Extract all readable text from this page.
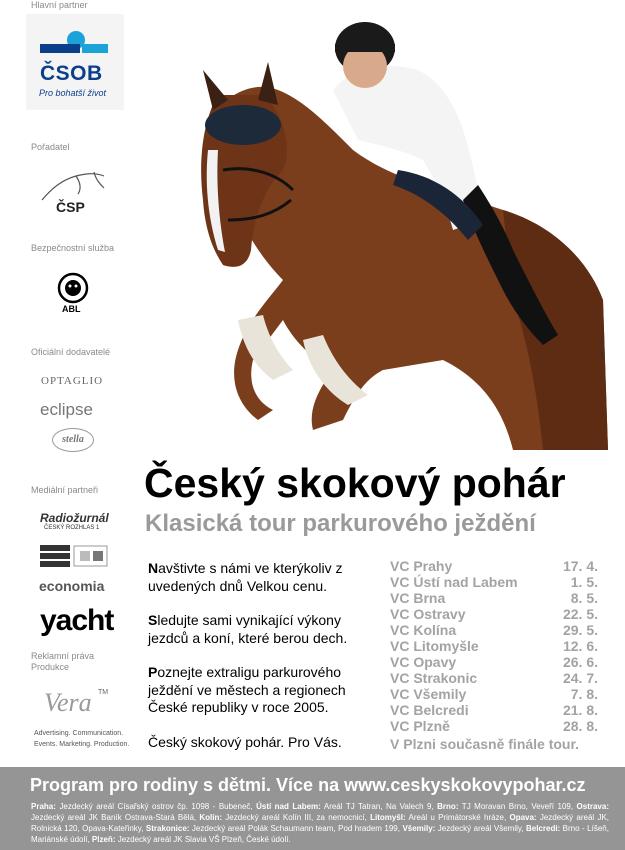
Hlavní partner
ČSOB
Pro bohatší život
Pořadatel
ČSP
Bezpečnostní služba
ABL
Oficiální dodavatelé
OPTAGLIO
eclipse
stella
Mediální partneři
Radiožurnál
ČESKÝ ROZHLAS 1
economia
yacht
Reklamní práva
Produkce
Vera TM
Advertising. Communication.
Events. Marketing. Production.
© Foto: Mindek
Český skokový pohár
Klasická tour parkurového ježdění
Navštivte s námi ve kterýkoliv z uvedených dnů Velkou cenu.
Sledujte sami vynikající výkony jezdců a koní, které berou dech.
Poznejte extraligu parkurového ježdění ve městech a regionech České republiky v roce 2005.
Český skokový pohár. Pro Vás.
VC Prahy	17. 4.
VC Ústí nad Labem	1. 5.
VC Brna	8. 5.
VC Ostravy	22. 5.
VC Kolína	29. 5.
VC Litomyšle	12. 6.
VC Opavy	26. 6.
VC Strakonic	24. 7.
VC Všemily	7. 8.
VC Belcredi	21. 8.
VC Plzně	28. 8.
V Plzni současně finále tour.
Program pro rodiny s dětmi. Více na www.ceskyskokovypohar.cz
Praha: Jezdecký areál Císařský ostrov čp. 1098 - Bubeneč, Ústí nad Labem: Areál TJ Tatran, Na Valech 9, Brno: TJ Moravan Brno, Veveří 109, Ostrava: Jezdecký areál JK Baník Ostrava-Stará Bělá, Kolín: Jezdecký areál Kolín III, za nemocnicí, Litomyšl: Areál u Primátorské hráze, Opava: Jezdecký areál JK, Rolnická 120, Opava-Kateřinky, Strakonice: Jezdecký areál Polák Schaumann team, Pod hradem 199, Všemily: Jezdecký areál Všemily, Belcredi: Brno - Líšeň, Mariánské údolí, Plzeň: Jezdecký areál JK Slavia VŠ Plzeň, České údolí.
